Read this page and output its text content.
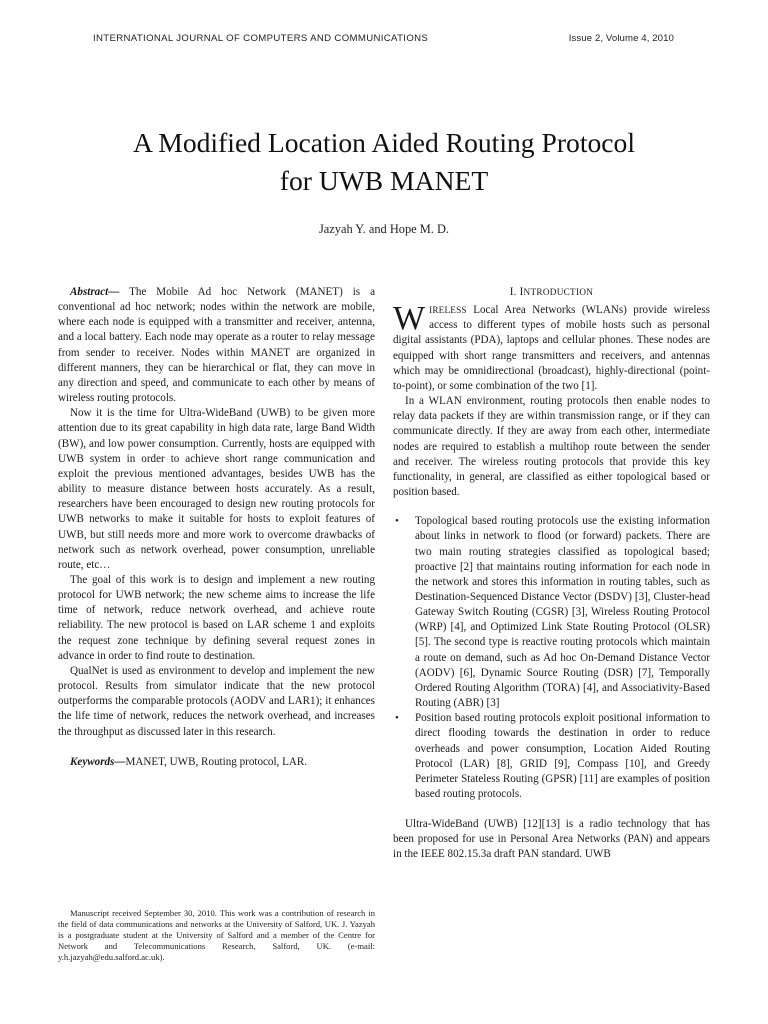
INTERNATIONAL JOURNAL OF COMPUTERS AND COMMUNICATIONS	Issue 2, Volume 4, 2010
A Modified Location Aided Routing Protocol
for UWB MANET
Jazyah Y. and Hope M. D.

Abstract— The Mobile Ad hoc Network (MANET) is a conventional ad hoc network; nodes within the network are mobile, where each node is equipped with a transmitter and receiver, antenna, and a local battery. Each node may operate as a router to relay message from sender to receiver. Nodes within MANET are organized in different manners, they can be hierarchical or flat, they can move in any direction and speed, and communicate to each other by means of wireless routing protocols.

Now it is the time for Ultra-WideBand (UWB) to be given more attention due to its great capability in high data rate, large Band Width (BW), and low power consumption. Currently, hosts are equipped with UWB system in order to achieve short range communication and exploit the previous mentioned advantages, besides UWB has the ability to measure distance between hosts accurately. As a result, researchers have been encouraged to design new routing protocols for UWB networks to make it suitable for hosts to exploit features of UWB, but still needs more and more work to overcome drawbacks of network such as network overhead, power consumption, unreliable route, etc…

The goal of this work is to design and implement a new routing protocol for UWB network; the new scheme aims to increase the life time of network, reduce network overhead, and achieve route reliability. The new protocol is based on LAR scheme 1 and exploits the request zone technique by defining several request zones in advance in order to find route to destination.

QualNet is used as environment to develop and implement the new protocol. Results from simulator indicate that the new protocol outperforms the comparable protocols (AODV and LAR1); it enhances the life time of network, reduces the network overhead, and increases the throughput as discussed later in this research.

Keywords—MANET, UWB, Routing protocol, LAR.

Manuscript received September 30, 2010. This work was a contribution of research in the field of data communications and networks at the University of Salford, UK. J. Yazyah is a postgraduate student at the University of Salford and a member of the Centre for Network and Telecommunications Research, Salford, UK. (e-mail: y.h.jazyah@edu.salford.ac.uk).
I. INTRODUCTION

WIRELESS Local Area Networks (WLANs) provide wireless access to different types of mobile hosts such as personal digital assistants (PDA), laptops and cellular phones. These nodes are equipped with short range transmitters and receivers, and antennas which may be omnidirectional (broadcast), highly-directional (point-to-point), or some combination of the two [1].

In a WLAN environment, routing protocols then enable nodes to relay data packets if they are within transmission range, or if they can communicate directly. If they are away from each other, intermediate nodes are required to establish a multihop route between the sender and receiver. The wireless routing protocols that provide this key functionality, in general, are classified as either topological based or position based.

• Topological based routing protocols use the existing information about links in network to flood (or forward) packets. There are two main routing strategies classified as topological based; proactive [2] that maintains routing information for each node in the network and stores this information in routing tables, such as Destination-Sequenced Distance Vector (DSDV) [3], Cluster-head Gateway Switch Routing (CGSR) [3], Wireless Routing Protocol (WRP) [4], and Optimized Link State Routing Protocol (OLSR) [5]. The second type is reactive routing protocols which maintain a route on demand, such as Ad hoc On-Demand Distance Vector (AODV) [6], Dynamic Source Routing (DSR) [7], Temporally Ordered Routing Algorithm (TORA) [4], and Associativity-Based Routing (ABR) [3]
• Position based routing protocols exploit positional information to direct flooding towards the destination in order to reduce overheads and power consumption, Location Aided Routing Protocol (LAR) [8], GRID [9], Compass [10], and Greedy Perimeter Stateless Routing (GPSR) [11] are examples of position based routing protocols.

Ultra-WideBand (UWB) [12][13] is a radio technology that has been proposed for use in Personal Area Networks (PAN) and appears in the IEEE 802.15.3a draft PAN standard. UWB
